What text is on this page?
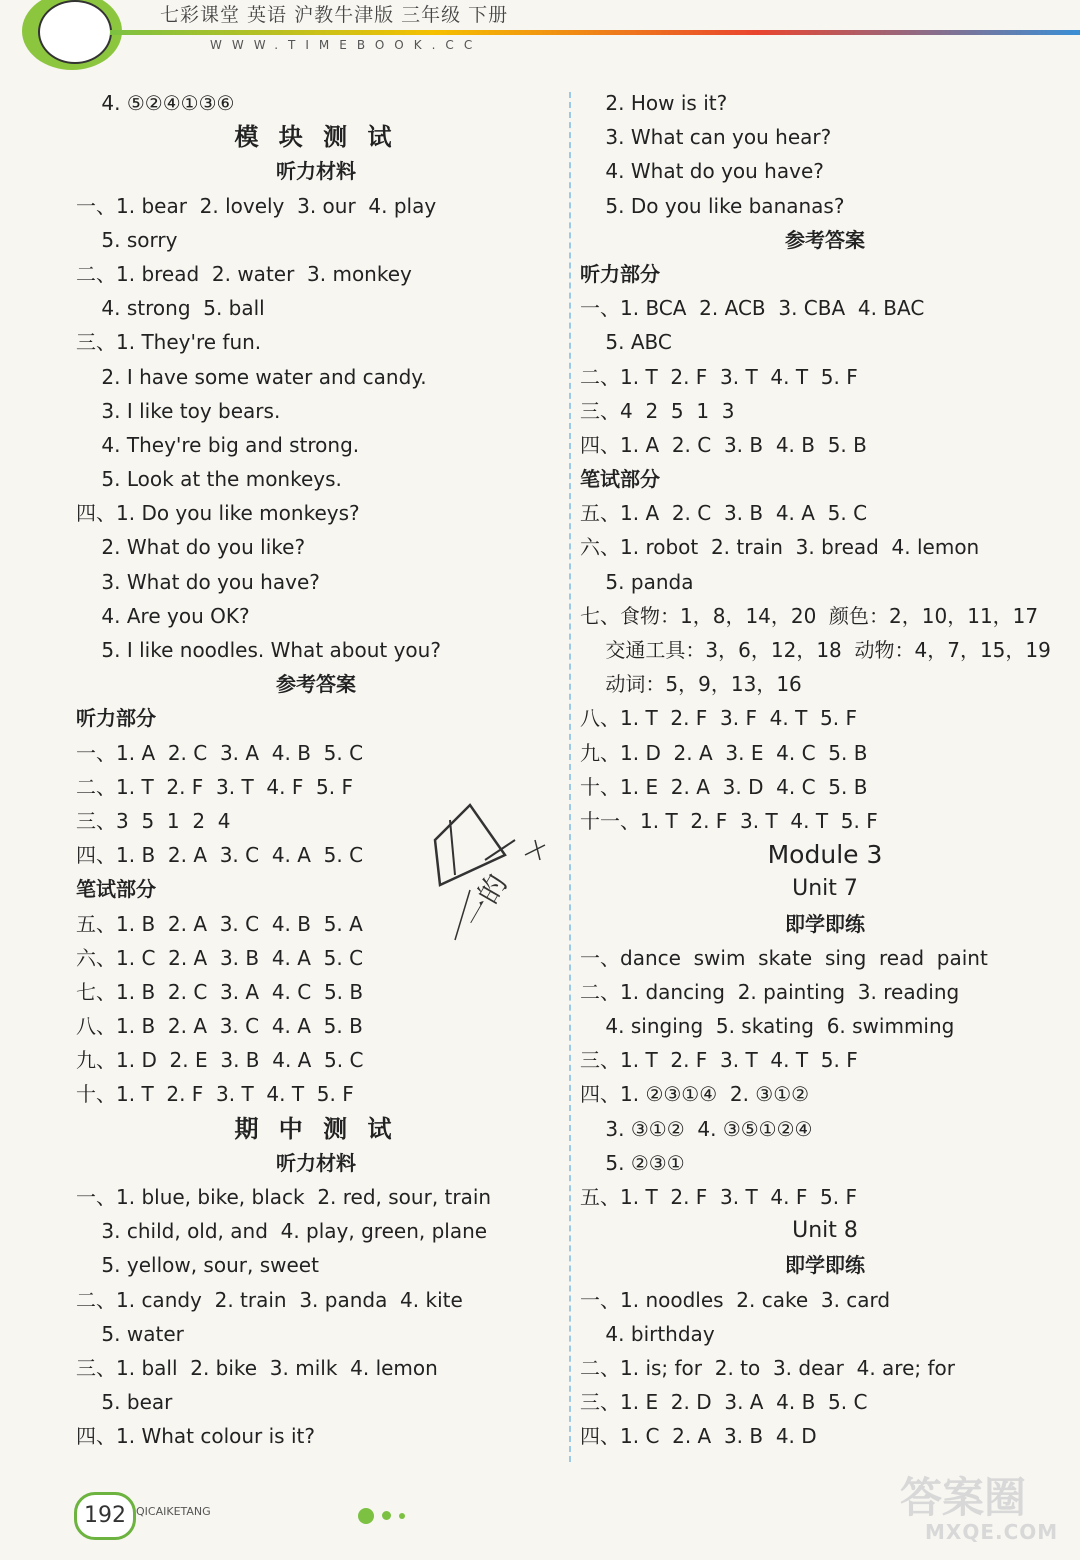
七彩课堂 英语 沪教牛津版 三年级 下册
WWW.TIMEBOOK.CC
4. ⑤②④①③⑥
模 块 测 试
听力材料
一、1. bear  2. lovely  3. our  4. play
5. sorry
二、1. bread  2. water  3. monkey
4. strong  5. ball
三、1. They're fun.
2. I have some water and candy.
3. I like toy bears.
4. They're big and strong.
5. Look at the monkeys.
四、1. Do you like monkeys?
2. What do you like?
3. What do you have?
4. Are you OK?
5. I like noodles. What about you?
参考答案
听力部分
一、1. A  2. C  3. A  4. B  5. C
二、1. T  2. F  3. T  4. F  5. F
三、3  5  1  2  4
四、1. B  2. A  3. C  4. A  5. C
笔试部分
五、1. B  2. A  3. C  4. B  5. A
六、1. C  2. A  3. B  4. A  5. C
七、1. B  2. C  3. A  4. C  5. B
八、1. B  2. A  3. C  4. A  5. B
九、1. D  2. E  3. B  4. A  5. C
十、1. T  2. F  3. T  4. T  5. F
期 中 测 试
听力材料
一、1. blue, bike, black  2. red, sour, train
3. child, old, and  4. play, green, plane
5. yellow, sour, sweet
二、1. candy  2. train  3. panda  4. kite
5. water
三、1. ball  2. bike  3. milk  4. lemon
5. bear
四、1. What colour is it?
2. How is it?
3. What can you hear?
4. What do you have?
5. Do you like bananas?
参考答案
听力部分
一、1. BCA  2. ACB  3. CBA  4. BAC
5. ABC
二、1. T  2. F  3. T  4. T  5. F
三、4  2  5  1  3
四、1. A  2. C  3. B  4. B  5. B
笔试部分
五、1. A  2. C  3. B  4. A  5. C
六、1. robot  2. train  3. bread  4. lemon
5. panda
七、食物：1，8，14，20  颜色：2，10，11，17
交通工具：3，6，12，18  动物：4，7，15，19
动词：5，9，13，16
八、1. T  2. F  3. F  4. T  5. F
九、1. D  2. A  3. E  4. C  5. B
十、1. E  2. A  3. D  4. C  5. B
十一、1. T  2. F  3. T  4. T  5. F
Module 3
Unit 7
即学即练
一、dance  swim  skate  sing  read  paint
二、1. dancing  2. painting  3. reading
4. singing  5. skating  6. swimming
三、1. T  2. F  3. T  4. T  5. F
四、1. ②③①④  2. ③①②
3. ③①②  4. ③⑤①②④
5. ②③①
五、1. T  2. F  3. T  4. F  5. F
Unit 8
即学即练
一、1. noodles  2. cake  3. card
4. birthday
二、1. is; for  2. to  3. dear  4. are; for
三、1. E  2. D  3. A  4. B  5. C
四、1. C  2. A  3. B  4. D
一的
192 QICAIKETANG	答案圈
MXQE.COM
